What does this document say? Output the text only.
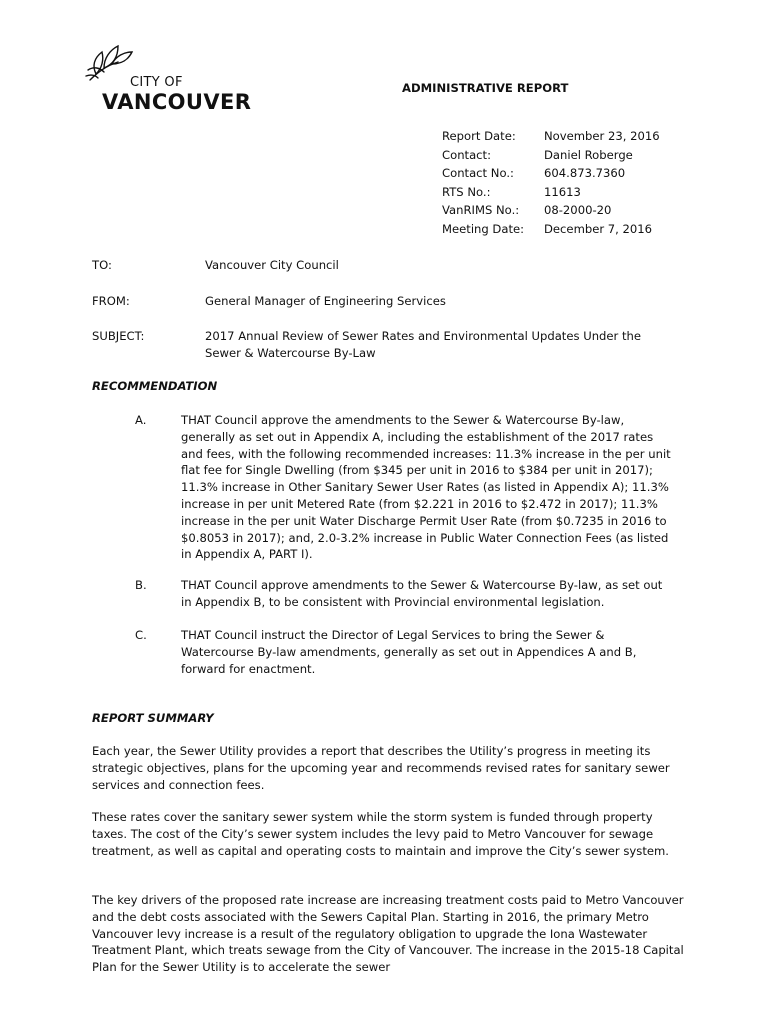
CITY OF
VANCOUVER
ADMINISTRATIVE REPORT
Report Date:	November 23, 2016
Contact:	Daniel Roberge
Contact No.:	604.873.7360
RTS No.:	11613
VanRIMS No.:	08-2000-20
Meeting Date:	December 7, 2016
TO:	Vancouver City Council
FROM:	General Manager of Engineering Services
SUBJECT:	2017 Annual Review of Sewer Rates and Environmental Updates Under the Sewer & Watercourse By-Law
RECOMMENDATION
A.	THAT Council approve the amendments to the Sewer & Watercourse By-law, generally as set out in Appendix A, including the establishment of the 2017 rates and fees, with the following recommended increases: 11.3% increase in the per unit flat fee for Single Dwelling (from $345 per unit in 2016 to $384 per unit in 2017); 11.3% increase in Other Sanitary Sewer User Rates (as listed in Appendix A); 11.3% increase in per unit Metered Rate (from $2.221 in 2016 to $2.472 in 2017); 11.3% increase in the per unit Water Discharge Permit User Rate (from $0.7235 in 2016 to $0.8053 in 2017); and, 2.0-3.2% increase in Public Water Connection Fees (as listed in Appendix A, PART I).
B.	THAT Council approve amendments to the Sewer & Watercourse By-law, as set out in Appendix B, to be consistent with Provincial environmental legislation.
C.	THAT Council instruct the Director of Legal Services to bring the Sewer & Watercourse By-law amendments, generally as set out in Appendices A and B, forward for enactment.
REPORT SUMMARY
Each year, the Sewer Utility provides a report that describes the Utility’s progress in meeting its strategic objectives, plans for the upcoming year and recommends revised rates for sanitary sewer services and connection fees.
These rates cover the sanitary sewer system while the storm system is funded through property taxes. The cost of the City’s sewer system includes the levy paid to Metro Vancouver for sewage treatment, as well as capital and operating costs to maintain and improve the City’s sewer system.
The key drivers of the proposed rate increase are increasing treatment costs paid to Metro Vancouver and the debt costs associated with the Sewers Capital Plan. Starting in 2016, the primary Metro Vancouver levy increase is a result of the regulatory obligation to upgrade the Iona Wastewater Treatment Plant, which treats sewage from the City of Vancouver. The increase in the 2015-18 Capital Plan for the Sewer Utility is to accelerate the sewer
